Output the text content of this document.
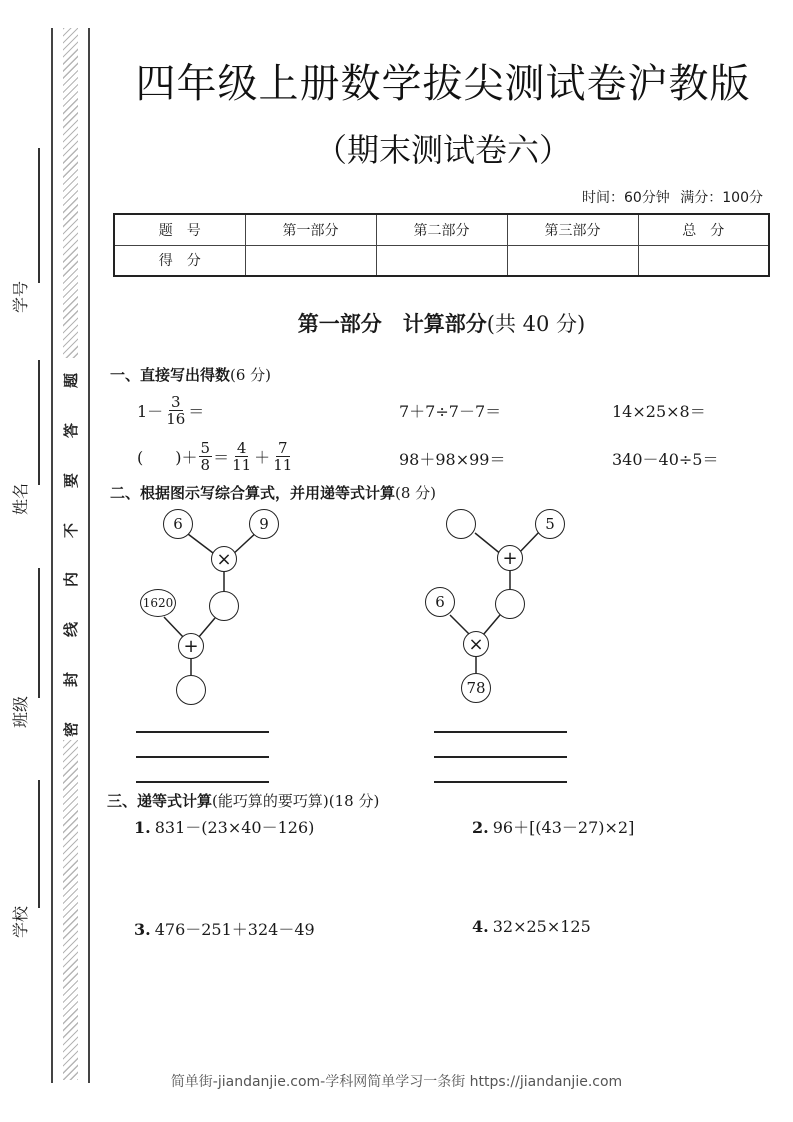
题
答
要
不
内
线
封
密
学号
姓名
班级
学校
四年级上册数学拔尖测试卷沪教版
（期末测试卷六）
时间：60分钟 满分：100分
题　号	第一部分	第二部分	第三部分	总　分
得　分				
第一部分　计算部分(共 40 分)
一、直接写出得数(6 分)
$1- \frac{3}{16}$ ＝	7＋7÷7－7＝	14×25×8＝
(　　) ＋ $\frac{5}{8} = \frac{4}{11} + \frac{7}{11}$	98＋98×99＝	340－40÷5＝
二、根据图示写综合算式，并用递等式计算(8 分)
6	9
×
1620
+
5
+
6
×
78
三、递等式计算(能巧算的要巧算)(18 分)
1. 831－(23×40－126)	2. 96＋[(43－27)×2]
3. 476－251＋324－49	4. 32×25×125
简单街-jiandanjie.com-学科网简单学习一条街 https://jiandanjie.com
